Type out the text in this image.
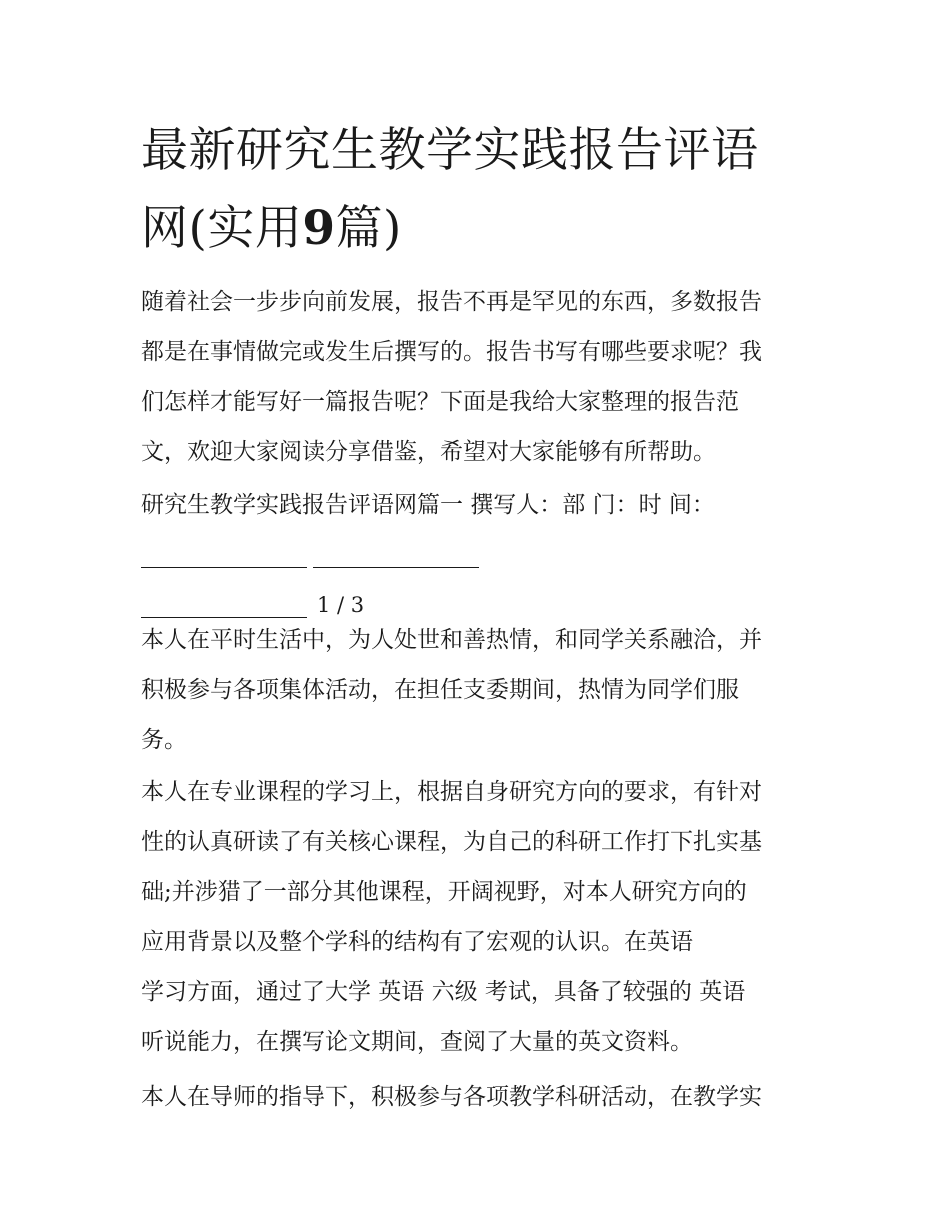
最新研究生教学实践报告评语
网(实用9篇)
随着社会一步步向前发展，报告不再是罕见的东西，多数报告
都是在事情做完或发生后撰写的。报告书写有哪些要求呢？我
们怎样才能写好一篇报告呢？下面是我给大家整理的报告范
文，欢迎大家阅读分享借鉴，希望对大家能够有所帮助。
研究生教学实践报告评语网篇一 撰写人：部 门：时 间：
1 / 3
本人在平时生活中，为人处世和善热情，和同学关系融洽，并
积极参与各项集体活动，在担任支委期间，热情为同学们服
务。
本人在专业课程的学习上，根据自身研究方向的要求，有针对
性的认真研读了有关核心课程，为自己的科研工作打下扎实基
础;并涉猎了一部分其他课程，开阔视野，对本人研究方向的
应用背景以及整个学科的结构有了宏观的认识。在英语
学习方面，通过了大学 英语 六级 考试，具备了较强的 英语
听说能力，在撰写论文期间，查阅了大量的英文资料。
本人在导师的指导下，积极参与各项教学科研活动，在教学实
